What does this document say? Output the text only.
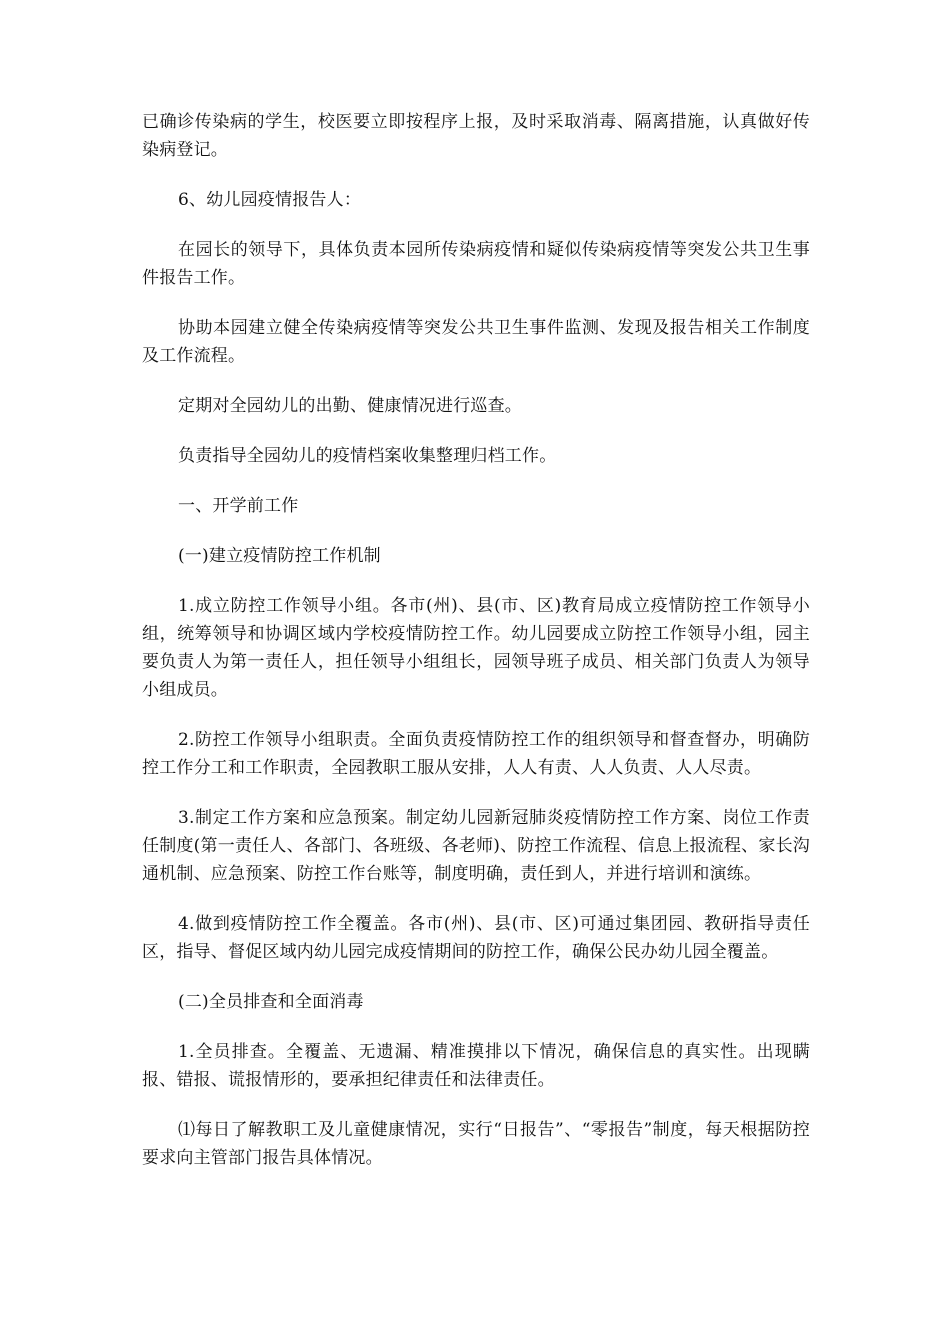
已确诊传染病的学生，校医要立即按程序上报，及时采取消毒、隔离措施，认真做好传染病登记。

6、幼儿园疫情报告人：

在园长的领导下，具体负责本园所传染病疫情和疑似传染病疫情等突发公共卫生事件报告工作。

协助本园建立健全传染病疫情等突发公共卫生事件监测、发现及报告相关工作制度及工作流程。

定期对全园幼儿的出勤、健康情况进行巡查。

负责指导全园幼儿的疫情档案收集整理归档工作。

一、开学前工作

(一)建立疫情防控工作机制

1.成立防控工作领导小组。各市(州)、县(市、区)教育局成立疫情防控工作领导小组，统筹领导和协调区域内学校疫情防控工作。幼儿园要成立防控工作领导小组，园主要负责人为第一责任人，担任领导小组组长，园领导班子成员、相关部门负责人为领导小组成员。

2.防控工作领导小组职责。全面负责疫情防控工作的组织领导和督查督办，明确防控工作分工和工作职责，全园教职工服从安排，人人有责、人人负责、人人尽责。

3.制定工作方案和应急预案。制定幼儿园新冠肺炎疫情防控工作方案、岗位工作责任制度(第一责任人、各部门、各班级、各老师)、防控工作流程、信息上报流程、家长沟通机制、应急预案、防控工作台账等，制度明确，责任到人，并进行培训和演练。

4.做到疫情防控工作全覆盖。各市(州)、县(市、区)可通过集团园、教研指导责任区，指导、督促区域内幼儿园完成疫情期间的防控工作，确保公民办幼儿园全覆盖。

(二)全员排查和全面消毒

1.全员排查。全覆盖、无遗漏、精准摸排以下情况，确保信息的真实性。出现瞒报、错报、谎报情形的，要承担纪律责任和法律责任。

⑴每日了解教职工及儿童健康情况，实行“日报告”、“零报告”制度，每天根据防控要求向主管部门报告具体情况。
